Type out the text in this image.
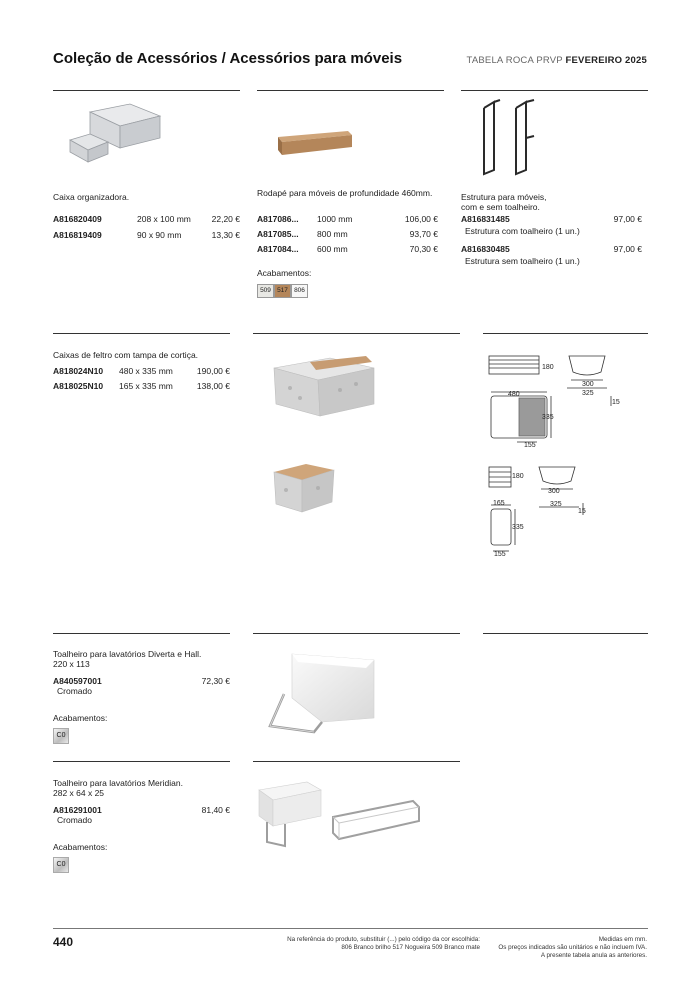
Coleção de Acessórios / Acessórios para móveis	TABELA ROCA PRVP FEVEREIRO 2025
Caixa organizadora.
A816820409	208 x 100 mm 22,20 €
A816819409	90 x 90 mm	13,30 €
Rodapé para móveis de profundidade 460mm.
A817086... 1000 mm	106,00 €
A817085... 800 mm	93,70 €
A817084... 600 mm	70,30 €
Acabamentos:
509 517 806
Estrutura para móveis,
com e sem toalheiro.
A816831485	97,00 €
Estrutura com toalheiro (1 un.)
A816830485	97,00 €
Estrutura sem toalheiro (1 un.)
Caixas de feltro com tampa de cortiça.
A818024N10 480 x 335 mm	190,00 €
A818025N10 165 x 335 mm	138,00 €
180
300
325
15
480
335
155
180
300
325
15
165
335
155
Toalheiro para lavatórios Diverta e Hall.
220 x 113
A840597001	72,30 €
Cromado
Acabamentos:
C0
Toalheiro para lavatórios Meridian.
282 x 64 x 25
A816291001	81,40 €
Cromado
Acabamentos:
C0
440	Na referência do produto, substituir (...) pelo código da cor escolhida:
806 Branco brilho 517 Nogueira 509 Branco mate
Medidas em mm.
Os preços indicados são unitários e não incluem IVA.
A presente tabela anula as anteriores.
